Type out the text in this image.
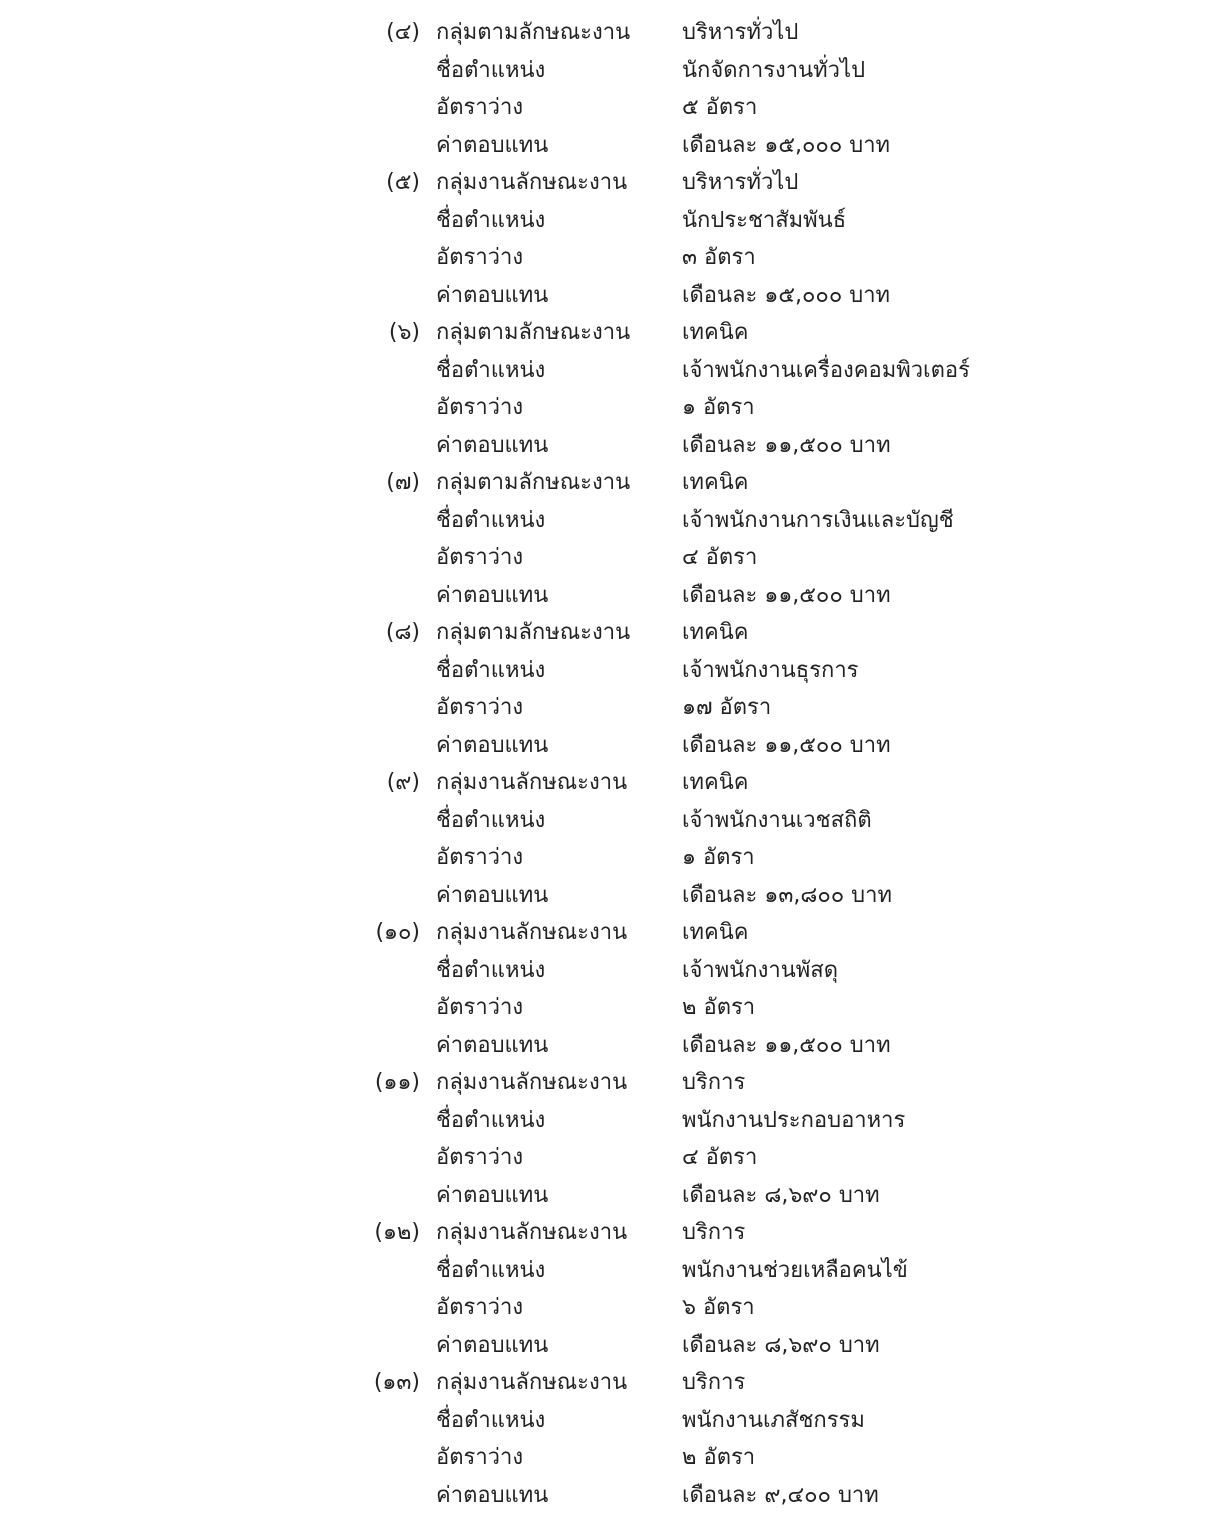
(๔) กลุ่มตามลักษณะงาน บริหารทั่วไป
ชื่อตำแหน่ง	นักจัดการงานทั่วไป
อัตราว่าง	๕ อัตรา
ค่าตอบแทน	เดือนละ ๑๕,๐๐๐ บาท
(๕) กลุ่มงานลักษณะงาน บริหารทั่วไป
ชื่อตำแหน่ง	นักประชาสัมพันธ์
อัตราว่าง	๓ อัตรา
ค่าตอบแทน	เดือนละ ๑๕,๐๐๐ บาท
(๖) กลุ่มตามลักษณะงาน เทคนิค
ชื่อตำแหน่ง	เจ้าพนักงานเครื่องคอมพิวเตอร์
อัตราว่าง	๑ อัตรา
ค่าตอบแทน	เดือนละ ๑๑,๕๐๐ บาท
(๗) กลุ่มตามลักษณะงาน เทคนิค
ชื่อตำแหน่ง	เจ้าพนักงานการเงินและบัญชี
อัตราว่าง	๔ อัตรา
ค่าตอบแทน	เดือนละ ๑๑,๕๐๐ บาท
(๘) กลุ่มตามลักษณะงาน เทคนิค
ชื่อตำแหน่ง	เจ้าพนักงานธุรการ
อัตราว่าง	๑๗ อัตรา
ค่าตอบแทน	เดือนละ ๑๑,๕๐๐ บาท
(๙) กลุ่มงานลักษณะงาน เทคนิค
ชื่อตำแหน่ง	เจ้าพนักงานเวชสถิติ
อัตราว่าง	๑ อัตรา
ค่าตอบแทน	เดือนละ ๑๓,๘๐๐ บาท
(๑๐) กลุ่มงานลักษณะงาน เทคนิค
ชื่อตำแหน่ง	เจ้าพนักงานพัสดุ
อัตราว่าง	๒ อัตรา
ค่าตอบแทน	เดือนละ ๑๑,๕๐๐ บาท
(๑๑) กลุ่มงานลักษณะงาน บริการ
ชื่อตำแหน่ง	พนักงานประกอบอาหาร
อัตราว่าง	๔ อัตรา
ค่าตอบแทน	เดือนละ ๘,๖๙๐ บาท
(๑๒) กลุ่มงานลักษณะงาน บริการ
ชื่อตำแหน่ง	พนักงานช่วยเหลือคนไข้
อัตราว่าง	๖ อัตรา
ค่าตอบแทน	เดือนละ ๘,๖๙๐ บาท
(๑๓) กลุ่มงานลักษณะงาน บริการ
ชื่อตำแหน่ง	พนักงานเภสัชกรรม
อัตราว่าง	๒ อัตรา
ค่าตอบแทน	เดือนละ ๙,๔๐๐ บาท
